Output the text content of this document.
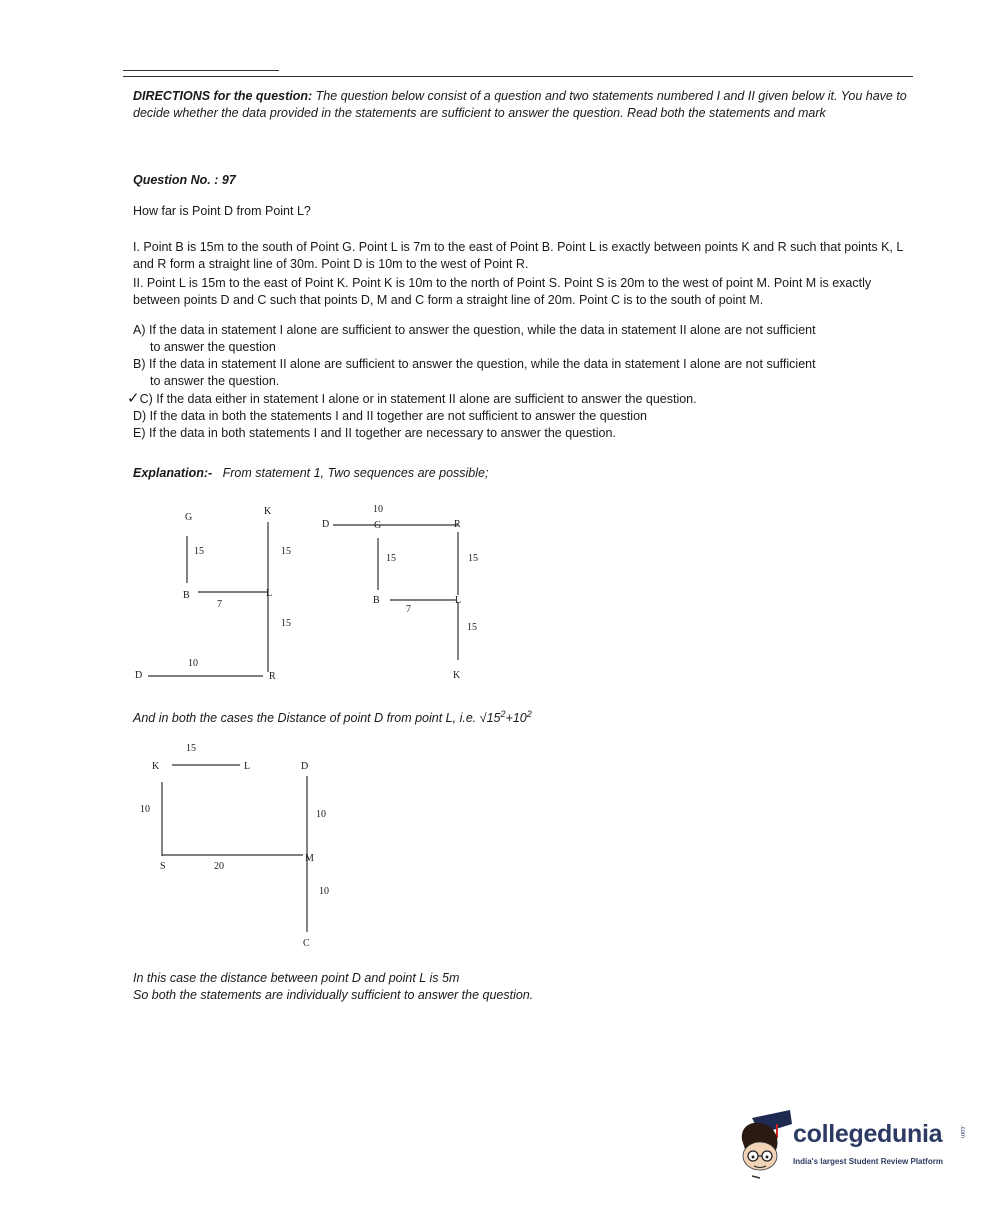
DIRECTIONS for the question: The question below consist of a question and two statements numbered I and II given below it. You have to decide whether the data provided in the statements are sufficient to answer the question. Read both the statements and mark
Question No. : 97
How far is Point D from Point L?
I. Point B is 15m to the south of Point G. Point L is 7m to the east of Point B. Point L is exactly between points K and R such that points K, L and R form a straight line of 30m. Point D is 10m to the west of Point R.
II. Point L is 15m to the east of Point K. Point K is 10m to the north of Point S. Point S is 20m to the west of point M. Point M is exactly between points D and C such that points D, M and C form a straight line of 20m. Point C is to the south of point M.

A) If the data in statement I alone are sufficient to answer the question, while the data in statement II alone are not sufficient
to answer the question

B) If the data in statement II alone are sufficient to answer the question, while the data in statement I alone are not sufficient
to answer the question.

✓C) If the data either in statement I alone or in statement II alone are sufficient to answer the question.

D) If the data in both the statements I and II together are not sufficient to answer the question

E) If the data in both statements I and II together are necessary to answer the question.

Explanation:- From statement 1, Two sequences are possible;
G
K
B	L
D	R
15	15
7
15
10
10
D	G	R
15	15
B	L
7
15
K
15
K	L	D
10	10
M
S	20
10
C
And in both the cases the Distance of point D from point L, i.e. $√15^2+10^2$
In this case the distance between point D and point L is 5m
So both the statements are individually sufficient to answer the question.
collegedunia	.com
India's largest Student Review Platform
